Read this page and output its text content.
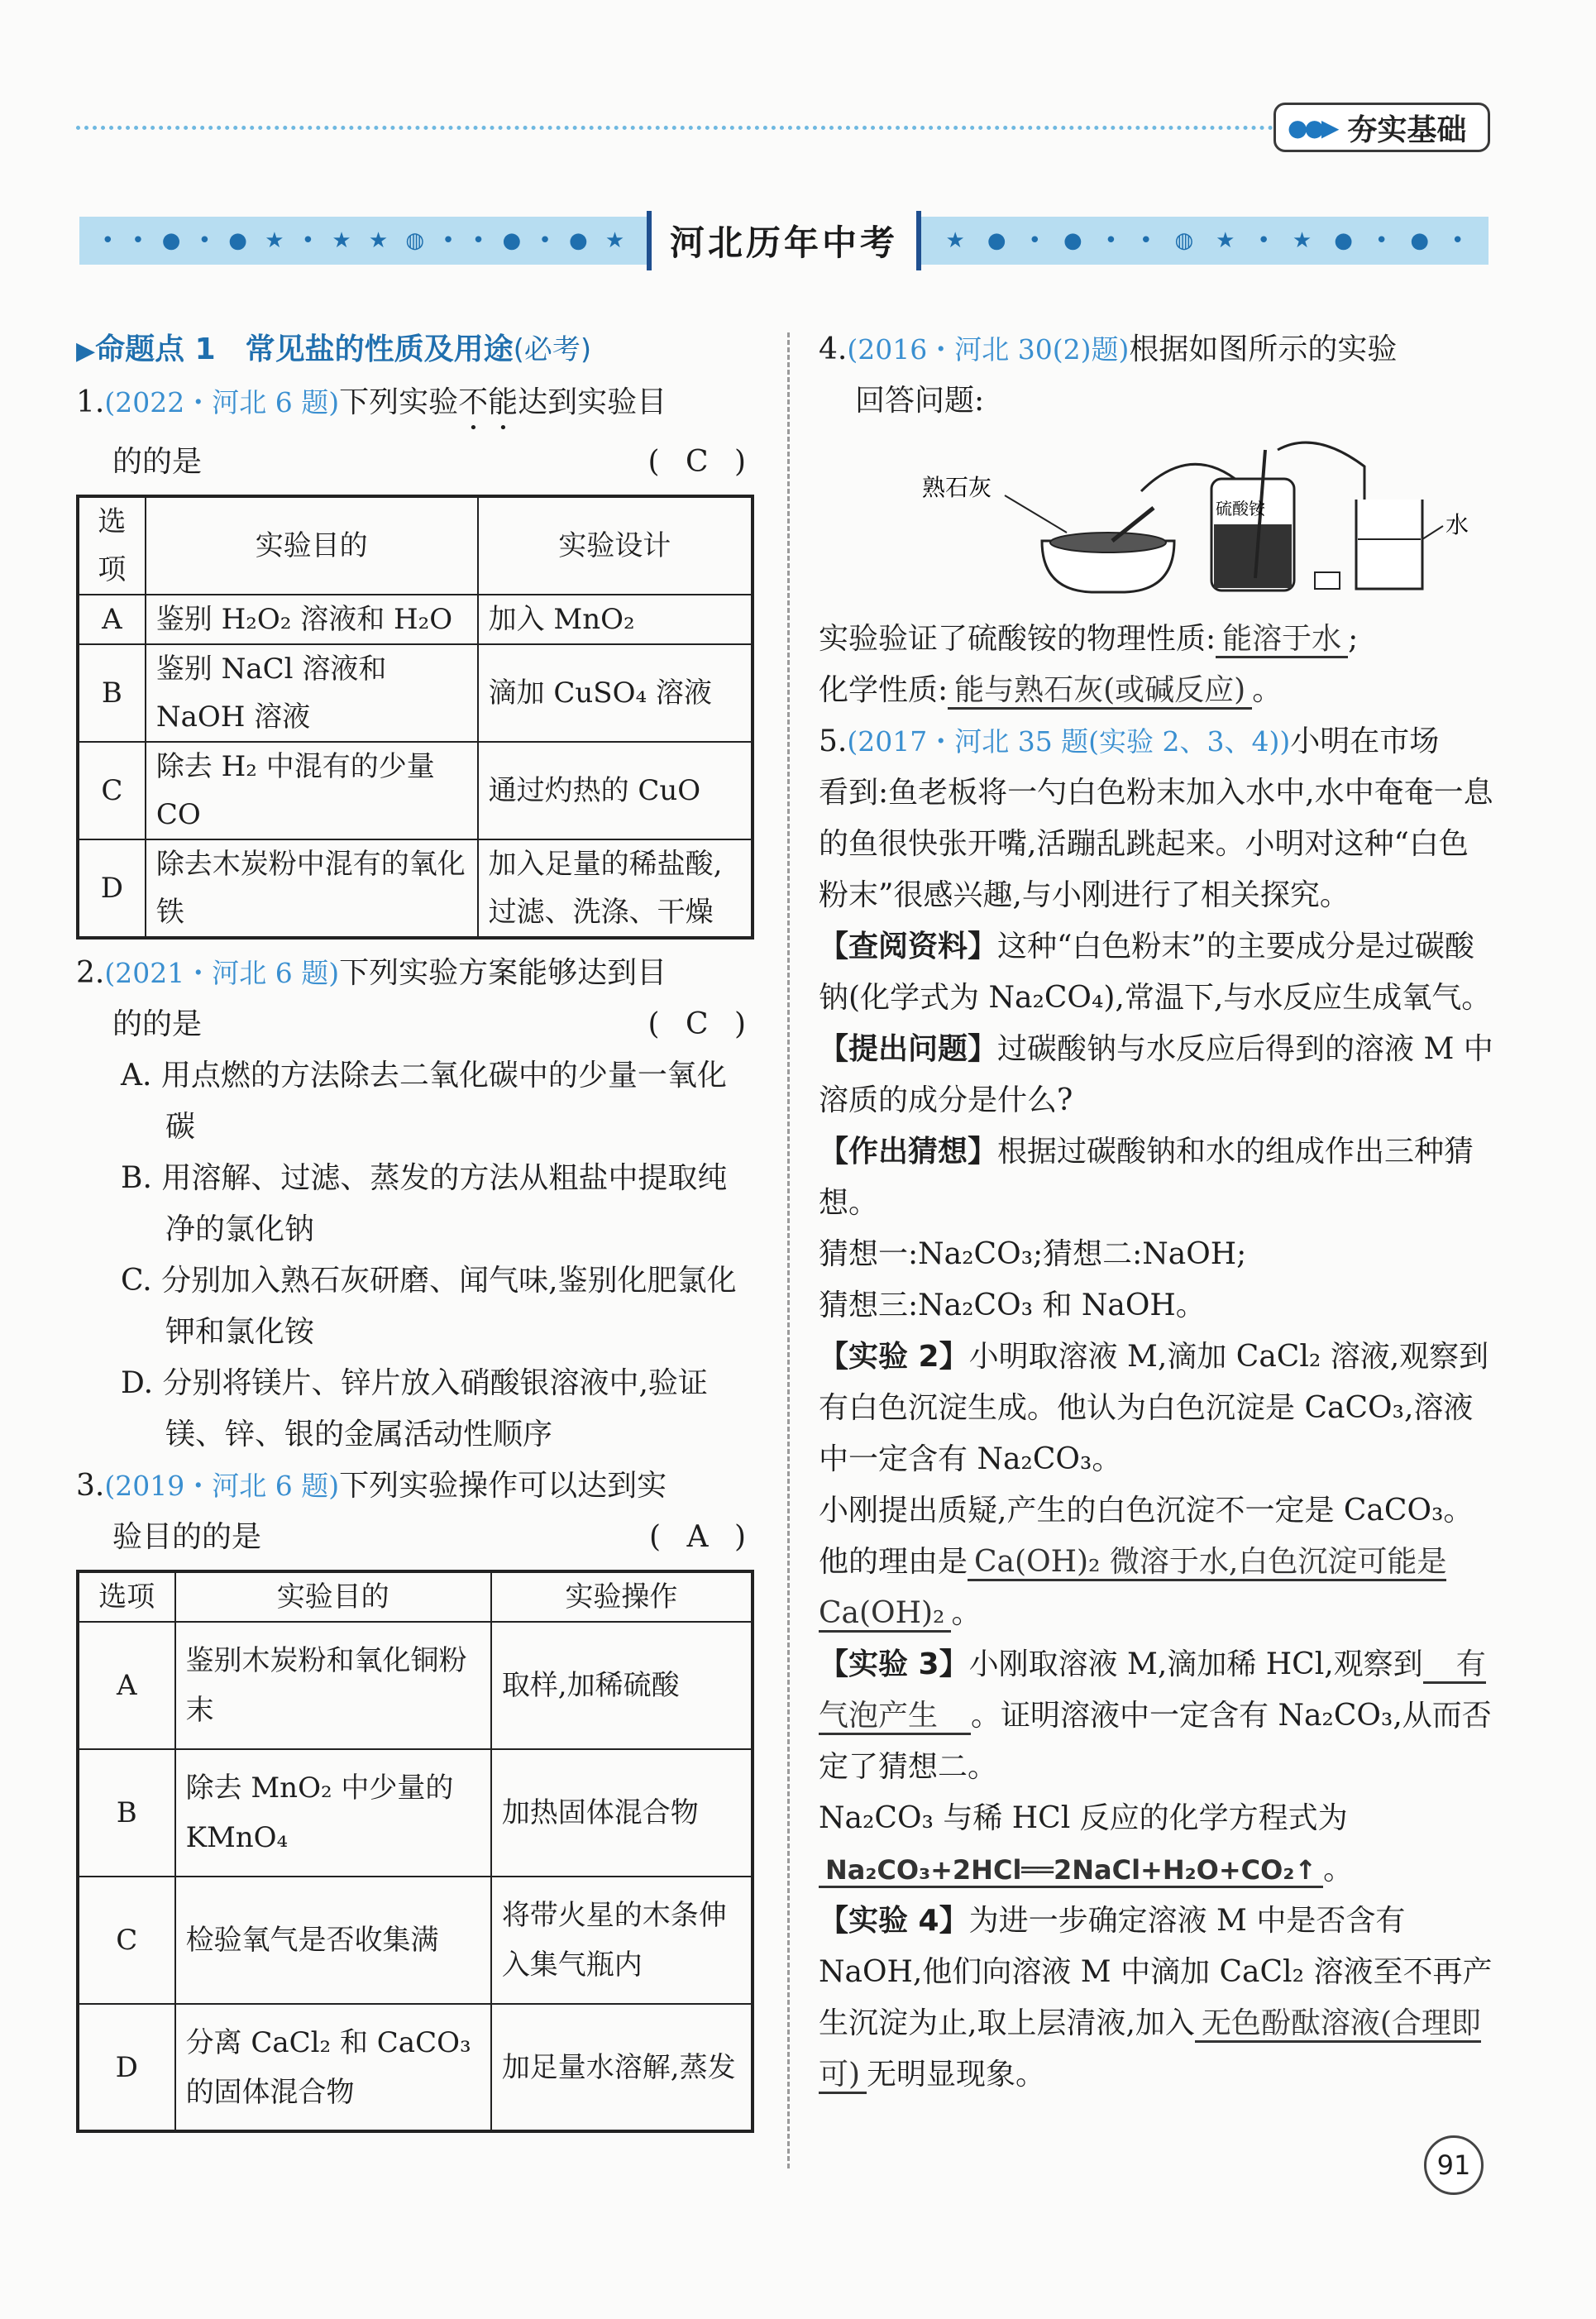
●●▶ 夯实基础
• • ● • ● ★ • ★ ★ ◍ • • ● • ● ★ 河北历年中考 ★ ● • ● • • ◍ ★ • ★ ● • ● •
▶命题点 1　常见盐的性质及用途(必考)
1.(2022・河北 6 题)下列实验不能达到实验目
的的是	( C )
选项	实验目的	实验设计
A	鉴别 H₂O₂ 溶液和 H₂O	加入 MnO₂
B	鉴别 NaCl 溶液和 NaOH 溶液	滴加 CuSO₄ 溶液
C	除去 H₂ 中混有的少量 CO	通过灼热的 CuO
D	除去木炭粉中混有的氧化铁	加入足量的稀盐酸,过滤、洗涤、干燥
2.(2021・河北 6 题)下列实验方案能够达到目
的的是	( C )
A. 用点燃的方法除去二氧化碳中的少量一氧化碳
B. 用溶解、过滤、蒸发的方法从粗盐中提取纯净的氯化钠
C. 分别加入熟石灰研磨、闻气味,鉴别化肥氯化钾和氯化铵
D. 分别将镁片、锌片放入硝酸银溶液中,验证镁、锌、银的金属活动性顺序
3.(2019・河北 6 题)下列实验操作可以达到实
验目的的是	( A )
选项	实验目的	实验操作
A	鉴别木炭粉和氧化铜粉末	取样,加稀硫酸
B	除去 MnO₂ 中少量的 KMnO₄	加热固体混合物
C	检验氧气是否收集满	将带火星的木条伸入集气瓶内
D	分离 CaCl₂ 和 CaCO₃ 的固体混合物	加足量水溶解,蒸发
4.(2016・河北 30(2)题)根据如图所示的实验
回答问题:
熟石灰
硫酸铵
水
实验验证了硫酸铵的物理性质: 能溶于水 ;
化学性质: 能与熟石灰(或碱反应) 。
5.(2017・河北 35 题(实验 2、3、4))小明在市场
看到:鱼老板将一勺白色粉末加入水中,水中奄奄一息的鱼很快张开嘴,活蹦乱跳起来。小明对这种“白色粉末”很感兴趣,与小刚进行了相关探究。
【查阅资料】这种“白色粉末”的主要成分是过碳酸钠(化学式为 Na₂CO₄),常温下,与水反应生成氧气。
【提出问题】过碳酸钠与水反应后得到的溶液 M 中溶质的成分是什么?
【作出猜想】根据过碳酸钠和水的组成作出三种猜想。
猜想一:Na₂CO₃;猜想二:NaOH;
猜想三:Na₂CO₃ 和 NaOH。
【实验 2】小明取溶液 M,滴加 CaCl₂ 溶液,观察到有白色沉淀生成。他认为白色沉淀是 CaCO₃,溶液中一定含有 Na₂CO₃。
小刚提出质疑,产生的白色沉淀不一定是 CaCO₃。他的理由是 Ca(OH)₂ 微溶于水,白色沉淀可能是 Ca(OH)₂ 。
【实验 3】小刚取溶液 M,滴加稀 HCl,观察到 有气泡产生 。证明溶液中一定含有 Na₂CO₃,从而否定了猜想二。
Na₂CO₃ 与稀 HCl 反应的化学方程式为Na₂CO₃+2HCl══2NaCl+H₂O+CO₂↑ 。
【实验 4】为进一步确定溶液 M 中是否含有 NaOH,他们向溶液 M 中滴加 CaCl₂ 溶液至不再产生沉淀为止,取上层清液,加入 无色酚酞溶液(合理即可) 无明显现象。
91
